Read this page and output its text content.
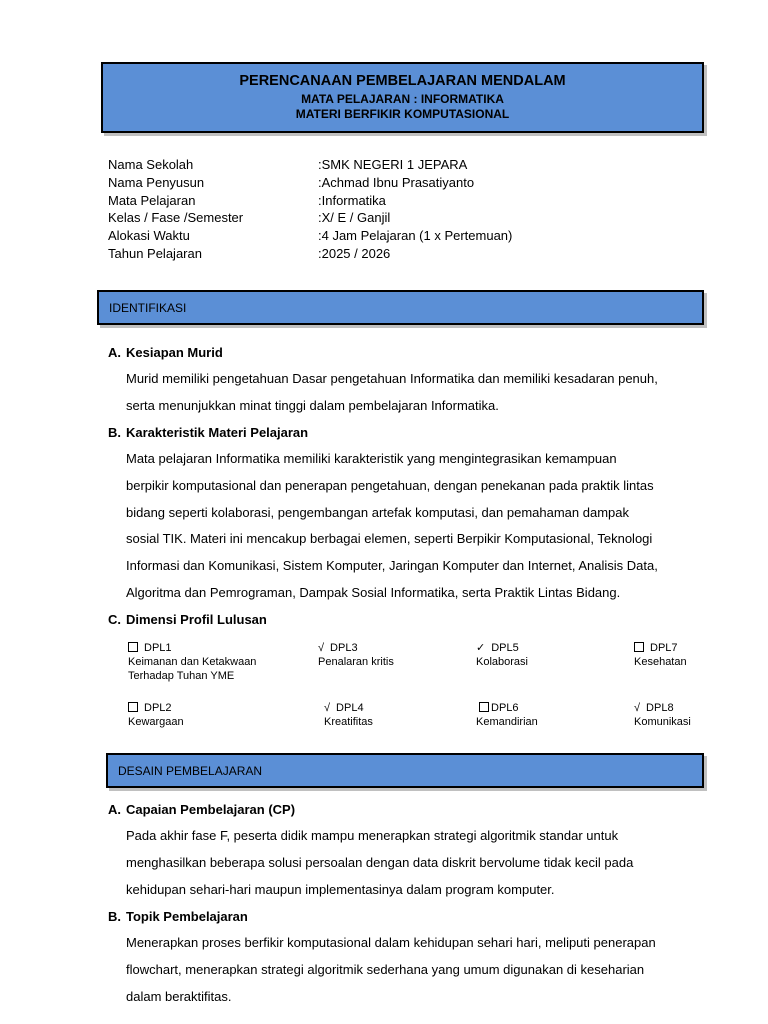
PERENCANAAN PEMBELAJARAN MENDALAM
MATA PELAJARAN : INFORMATIKA
MATERI BERFIKIR KOMPUTASIONAL
Nama Sekolah	:SMK NEGERI 1 JEPARA
Nama Penyusun	:Achmad Ibnu Prasatiyanto
Mata Pelajaran	:Informatika
Kelas / Fase /Semester	:X/ E / Ganjil
Alokasi Waktu	:4 Jam Pelajaran (1 x Pertemuan)
Tahun Pelajaran	:2025 / 2026
IDENTIFIKASI
A. Kesiapan Murid
Murid memiliki pengetahuan Dasar pengetahuan Informatika dan memiliki kesadaran penuh,
serta menunjukkan minat tinggi dalam pembelajaran Informatika.
B. Karakteristik Materi Pelajaran
Mata pelajaran Informatika memiliki karakteristik yang mengintegrasikan kemampuan
berpikir komputasional dan penerapan pengetahuan, dengan penekanan pada praktik lintas
bidang seperti kolaborasi, pengembangan artefak komputasi, dan pemahaman dampak
sosial TIK. Materi ini mencakup berbagai elemen, seperti Berpikir Komputasional, Teknologi
Informasi dan Komunikasi, Sistem Komputer, Jaringan Komputer dan Internet, Analisis Data,
Algoritma dan Pemrograman, Dampak Sosial Informatika, serta Praktik Lintas Bidang.
C. Dimensi Profil Lulusan
DPL1
Keimanan dan Ketakwaan
Terhadap Tuhan YME
√ DPL3
Penalaran kritis
✓ DPL5
Kolaborasi
DPL7
Kesehatan
DPL2
Kewargaan
√ DPL4
Kreatifitas
DPL6
Kemandirian
√ DPL8
Komunikasi
DESAIN PEMBELAJARAN
A. Capaian Pembelajaran (CP)
Pada akhir fase F, peserta didik mampu menerapkan strategi algoritmik standar untuk
menghasilkan beberapa solusi persoalan dengan data diskrit bervolume tidak kecil pada
kehidupan sehari-hari maupun implementasinya dalam program komputer.
B. Topik Pembelajaran
Menerapkan proses berfikir komputasional dalam kehidupan sehari hari, meliputi penerapan
flowchart, menerapkan strategi algoritmik sederhana yang umum digunakan di keseharian
dalam beraktifitas.
